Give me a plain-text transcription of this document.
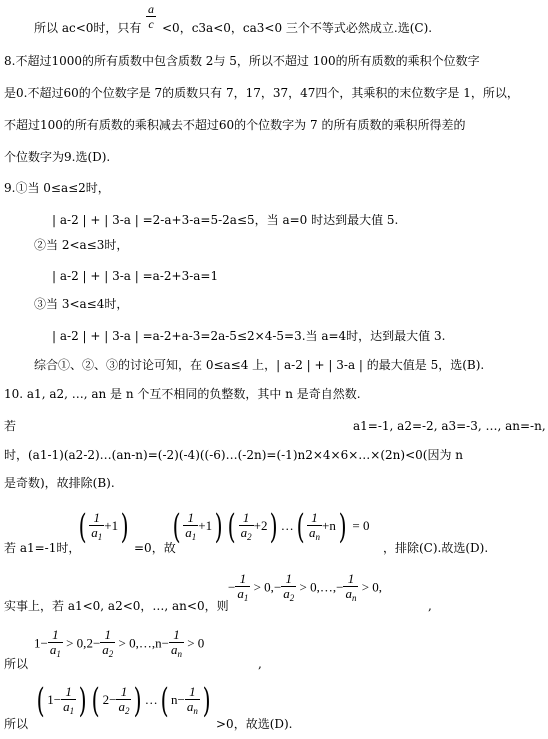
所以 ac<0时，只有 $\frac{a}{c} <0$，c3a<0，ca3<0 三个不等式必然成立.选(C).
8.不超过1000的所有质数中包含质数 2与 5，所以不超过 100的所有质数的乘积个位数字
是0.不超过60的个位数字是 7的质数只有 7，17，37，47四个，其乘积的末位数字是 1，所以，
不超过100的所有质数的乘积减去不超过60的个位数字为 7 的所有质数的乘积所得差的
个位数字为9.选(D).
9.①当 0≤a≤2时，
| a-2 | + | 3-a | =2-a+3-a=5-2a≤5，当 a=0 时达到最大值 5.
②当 2<a≤3时，
| a-2 | + | 3-a | =a-2+3-a=1
③当 3<a≤4时，
| a-2 | + | 3-a | =a-2+a-3=2a-5≤2×4-5=3.当 a=4时，达到最大值 3.
综合①、②、③的讨论可知，在 0≤a≤4 上，| a-2 | + | 3-a | 的最大值是 5，选(B).
10. a1, a2, …, an 是 n 个互不相同的负整数，其中 n 是奇自然数.
若	a1=-1, a2=-2, a3=-3, …, an=-n,
时，(a1-1)(a2-2)…(an-n)=(-2)(-4)((-6)…(-2n)=(-1)n2×4×6×…×(2n)<0(因为 n
是奇数)，故排除(B).
若 a1=-1时，
( $\frac{1}{a_1} +1$)
=0，故
( $\frac{1}{a_1} +1$) ( $\frac{1}{a_2} +2$) …( $\frac{1}{a_n} +n) = 0$
，排除(C).故选(D).
− $\frac{1}{a_1} > 0,- \frac{1}{a_2}$ > 0,…,− $\frac{1}{a_n} > 0$,
实事上，若 a1<0, a2<0，…, an<0，则	,
$1- \frac{1}{a_1} > 0,2- \frac{1}{a_2}$ > 0,…,n− $\frac{1}{a_n} > 0$
所以	,
( $1- \frac{1}{a_1}$ ) ( $2- \frac{1}{a_2}$ ) …( $n- \frac{1}{a_n}$ )
所以	>0，故选(D).
